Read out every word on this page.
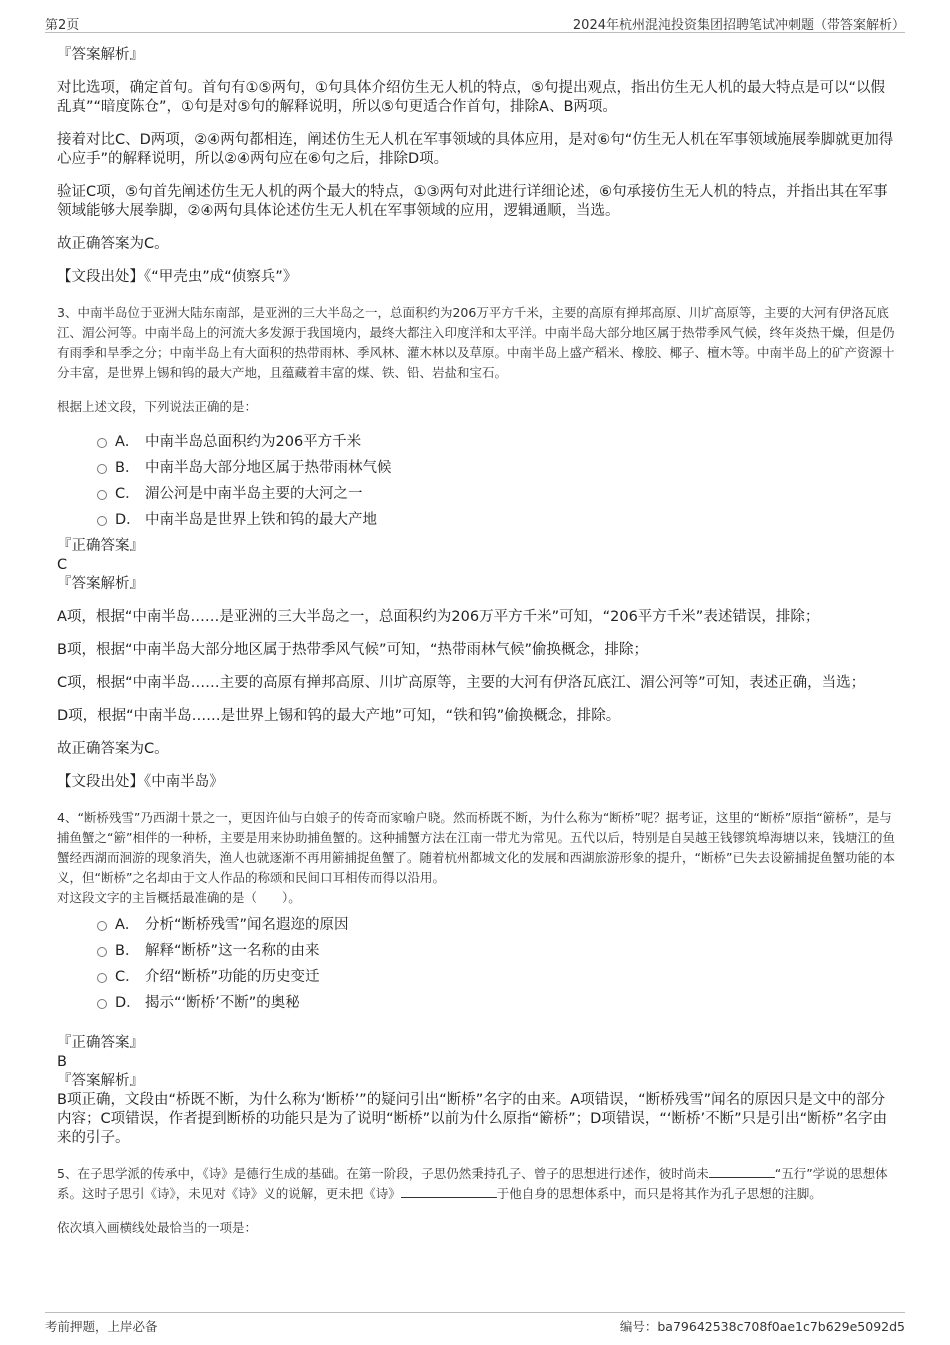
第2页	2024年杭州混沌投资集团招聘笔试冲刺题（带答案解析）

『答案解析』

对比选项，确定首句。首句有①⑤两句，①句具体介绍仿生无人机的特点，⑤句提出观点，指出仿生无人机的最大特点是可以“以假乱真”“暗度陈仓”，①句是对⑤句的解释说明，所以⑤句更适合作首句，排除A、B两项。

接着对比C、D两项，②④两句都相连，阐述仿生无人机在军事领域的具体应用，是对⑥句“仿生无人机在军事领域施展拳脚就更加得心应手”的解释说明，所以②④两句应在⑥句之后，排除D项。

验证C项，⑤句首先阐述仿生无人机的两个最大的特点，①③两句对此进行详细论述，⑥句承接仿生无人机的特点，并指出其在军事领域能够大展拳脚，②④两句具体论述仿生无人机在军事领域的应用，逻辑通顺，当选。

故正确答案为C。

【文段出处】《“甲壳虫”成“侦察兵”》

3、中南半岛位于亚洲大陆东南部，是亚洲的三大半岛之一，总面积约为206万平方千米，主要的高原有掸邦高原、川圹高原等，主要的大河有伊洛瓦底江、湄公河等。中南半岛上的河流大多发源于我国境内，最终大都注入印度洋和太平洋。中南半岛大部分地区属于热带季风气候，终年炎热干燥，但是仍有雨季和旱季之分；中南半岛上有大面积的热带雨林、季风林、灌木林以及草原。中南半岛上盛产稻米、橡胶、椰子、檀木等。中南半岛上的矿产资源十分丰富，是世界上锡和钨的最大产地，且蕴藏着丰富的煤、铁、铅、岩盐和宝石。

根据上述文段，下列说法正确的是：

A． 中南半岛总面积约为206平方千米
B． 中南半岛大部分地区属于热带雨林气候
C． 湄公河是中南半岛主要的大河之一
D． 中南半岛是世界上铁和钨的最大产地

『正确答案』

C

『答案解析』

A项，根据“中南半岛……是亚洲的三大半岛之一，总面积约为206万平方千米”可知，“206平方千米”表述错误，排除；

B项，根据“中南半岛大部分地区属于热带季风气候”可知，“热带雨林气候”偷换概念，排除；

C项，根据“中南半岛……主要的高原有掸邦高原、川圹高原等，主要的大河有伊洛瓦底江、湄公河等”可知，表述正确，当选；

D项，根据“中南半岛……是世界上锡和钨的最大产地”可知，“铁和钨”偷换概念，排除。

故正确答案为C。

【文段出处】《中南半岛》

4、“断桥残雪”乃西湖十景之一，更因许仙与白娘子的传奇而家喻户晓。然而桥既不断，为什么称为“断桥”呢？据考证，这里的“断桥”原指“簖桥”，是与捕鱼蟹之“簖”相伴的一种桥，主要是用来协助捕鱼蟹的。这种捕蟹方法在江南一带尤为常见。五代以后，特别是自吴越王钱镠筑埠海塘以来，钱塘江的鱼蟹经西湖而洄游的现象消失，渔人也就逐渐不再用簖捕捉鱼蟹了。随着杭州都城文化的发展和西湖旅游形象的提升，“断桥”已失去设簖捕捉鱼蟹功能的本义，但“断桥”之名却由于文人作品的称颂和民间口耳相传而得以沿用。

对这段文字的主旨概括最准确的是（　　）。

A． 分析“断桥残雪”闻名遐迩的原因
B． 解释“断桥”这一名称的由来
C． 介绍“断桥”功能的历史变迁
D． 揭示“‘断桥’不断”的奥秘

『正确答案』

B

『答案解析』

B项正确，文段由“桥既不断，为什么称为‘断桥’”的疑问引出“断桥”名字的由来。A项错误，“断桥残雪”闻名的原因只是文中的部分内容；C项错误，作者提到断桥的功能只是为了说明“断桥”以前为什么原指“簖桥”；D项错误，“‘断桥’不断”只是引出“断桥”名字由来的引子。

5、在子思学派的传承中，《诗》是德行生成的基础。在第一阶段，子思仍然秉持孔子、曾子的思想进行述作，彼时尚未	“五行”学说的思想体系。这时子思引《诗》，未见对《诗》义的说解，更未把《诗》	于他自身的思想体系中，而只是将其作为孔子思想的注脚。

依次填入画横线处最恰当的一项是：

考前押题，上岸必备	编号：ba79642538c708f0ae1c7b629e5092d5
